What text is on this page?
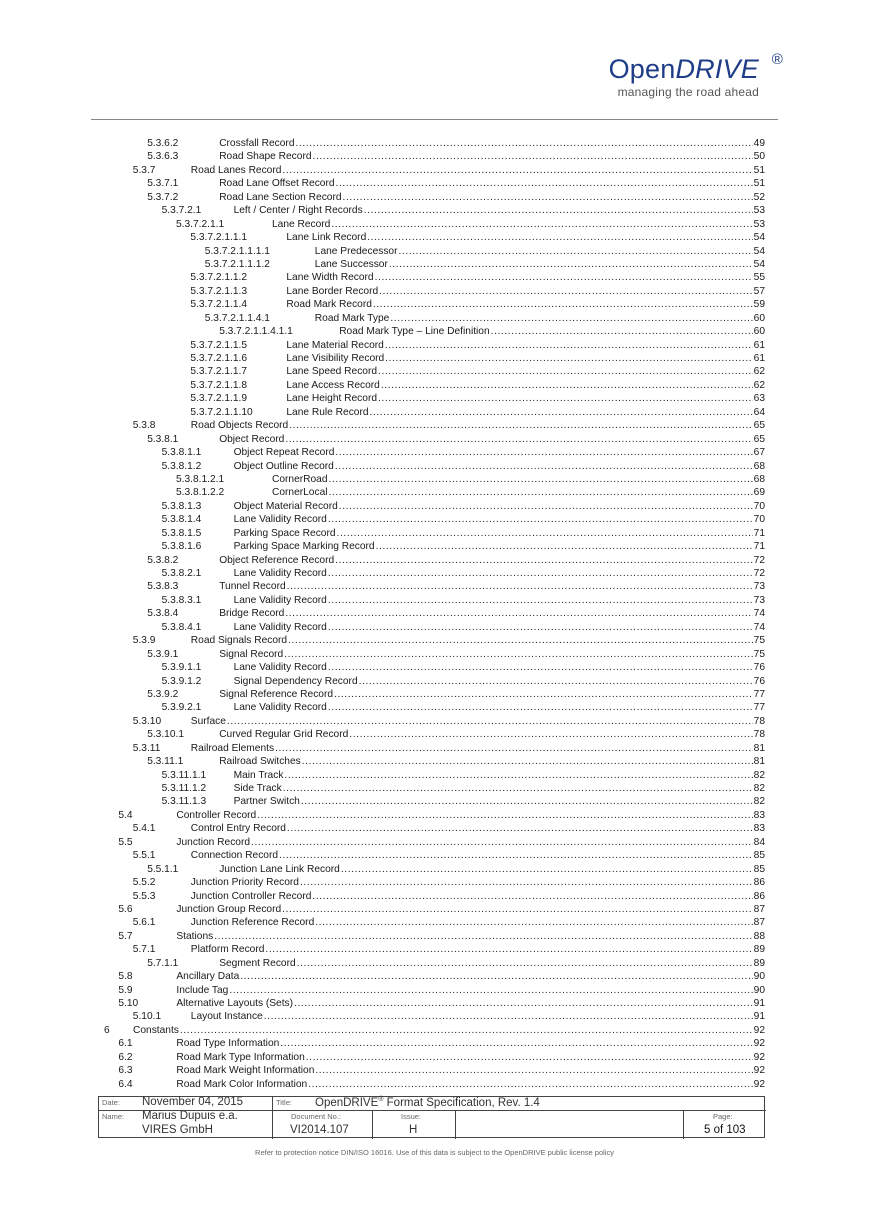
OpenDRIVE ®
managing the road ahead
5.3.6.2	Crossfall Record .....	49
5.3.6.3	Road Shape Record .....	50
5.3.7	Road Lanes Record .....	51
5.3.7.1	Road Lane Offset Record .....	51
5.3.7.2	Road Lane Section Record .....	52
5.3.7.2.1	Left / Center / Right Records .....	53
5.3.7.2.1.1	Lane Record .....	53
5.3.7.2.1.1.1	Lane Link Record .....	54
5.3.7.2.1.1.1.1	Lane Predecessor .....	54
5.3.7.2.1.1.1.2	Lane Successor .....	54
5.3.7.2.1.1.2	Lane Width Record .....	55
5.3.7.2.1.1.3	Lane Border Record .....	57
5.3.7.2.1.1.4	Road Mark Record .....	59
5.3.7.2.1.1.4.1	Road Mark Type .....	60
5.3.7.2.1.1.4.1.1	Road Mark Type – Line Definition .....	60
5.3.7.2.1.1.5	Lane Material Record .....	61
5.3.7.2.1.1.6	Lane Visibility Record .....	61
5.3.7.2.1.1.7	Lane Speed Record .....	62
5.3.7.2.1.1.8	Lane Access Record .....	62
5.3.7.2.1.1.9	Lane Height Record .....	63
5.3.7.2.1.1.10	Lane Rule Record .....	64
5.3.8	Road Objects Record .....	65
5.3.8.1	Object Record .....	65
5.3.8.1.1	Object Repeat Record .....	67
5.3.8.1.2	Object Outline Record .....	68
5.3.8.1.2.1	CornerRoad .....	68
5.3.8.1.2.2	CornerLocal .....	69
5.3.8.1.3	Object Material Record .....	70
5.3.8.1.4	Lane Validity Record .....	70
5.3.8.1.5	Parking Space Record .....	71
5.3.8.1.6	Parking Space Marking Record .....	71
5.3.8.2	Object Reference Record .....	72
5.3.8.2.1	Lane Validity Record .....	72
5.3.8.3	Tunnel Record .....	73
5.3.8.3.1	Lane Validity Record .....	73
5.3.8.4	Bridge Record .....	74
5.3.8.4.1	Lane Validity Record .....	74
5.3.9	Road Signals Record .....	75
5.3.9.1	Signal Record .....	75
5.3.9.1.1	Lane Validity Record .....	76
5.3.9.1.2	Signal Dependency Record .....	76
5.3.9.2	Signal Reference Record .....	77
5.3.9.2.1	Lane Validity Record .....	77
5.3.10	Surface .....	78
5.3.10.1	Curved Regular Grid Record .....	78
5.3.11	Railroad Elements .....	81
5.3.11.1	Railroad Switches .....	81
5.3.11.1.1	Main Track .....	82
5.3.11.1.2	Side Track .....	82
5.3.11.1.3	Partner Switch .....	82
5.4	Controller Record .....	83
5.4.1	Control Entry Record .....	83
5.5	Junction Record .....	84
5.5.1	Connection Record .....	85
5.5.1.1	Junction Lane Link Record .....	85
5.5.2	Junction Priority Record .....	86
5.5.3	Junction Controller Record .....	86
5.6	Junction Group Record .....	87
5.6.1	Junction Reference Record .....	87
5.7	Stations .....	88
5.7.1	Platform Record .....	89
5.7.1.1	Segment Record .....	89
5.8	Ancillary Data .....	90
5.9	Include Tag .....	90
5.10	Alternative Layouts (Sets) .....	91
5.10.1	Layout Instance .....	91
6 Constants .....	92
6.1	Road Type Information .....	92
6.2	Road Mark Type Information .....	92
6.3	Road Mark Weight Information .....	92
6.4	Road Mark Color Information .....	92
Date: November 04, 2015	Title: OpenDRIVE® Format Specification, Rev. 1.4
Name: Marius Dupuis e.a.
VIRES GmbH
Document No.:
VI2014.107
Issue:
H
Page:
5 of 103
Refer to protection notice DIN/ISO 16016. Use of this data is subject to the OpenDRIVE public license policy
